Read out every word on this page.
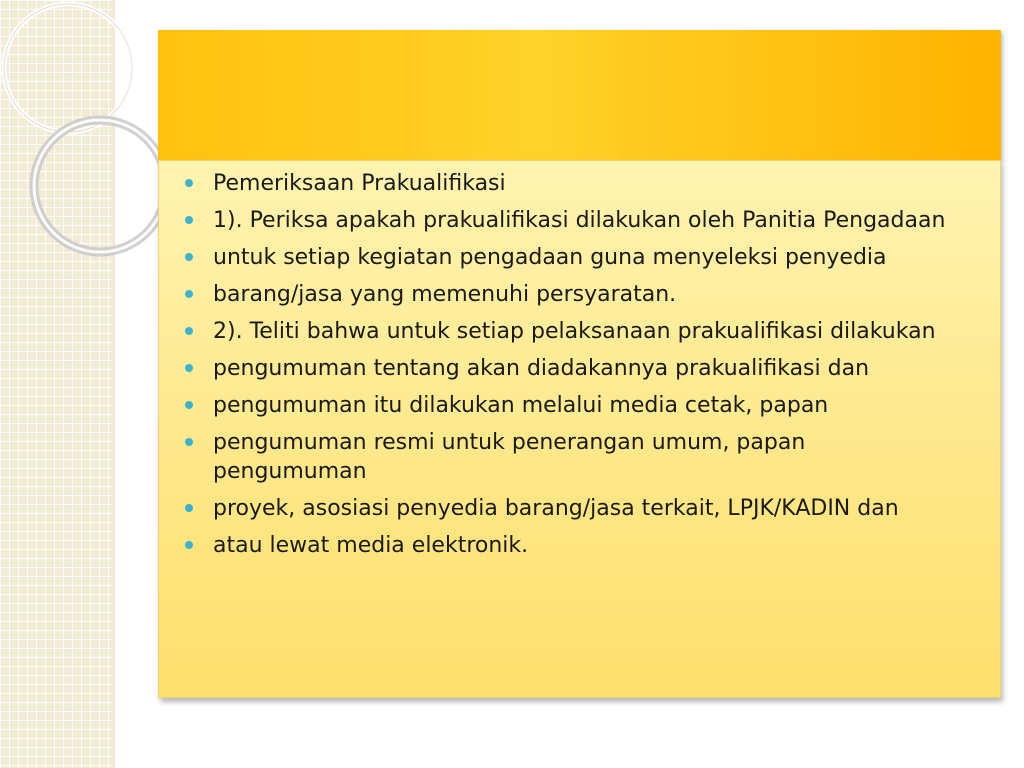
Pemeriksaan Prakualifikasi
1). Periksa apakah prakualifikasi dilakukan oleh Panitia Pengadaan
untuk setiap kegiatan pengadaan guna menyeleksi penyedia
barang/jasa yang memenuhi persyaratan.
2). Teliti bahwa untuk setiap pelaksanaan prakualifikasi dilakukan
pengumuman tentang akan diadakannya prakualifikasi dan
pengumuman itu dilakukan melalui media cetak, papan
pengumuman resmi untuk penerangan umum, papan pengumuman
proyek, asosiasi penyedia barang/jasa terkait, LPJK/KADIN dan
atau lewat media elektronik.
